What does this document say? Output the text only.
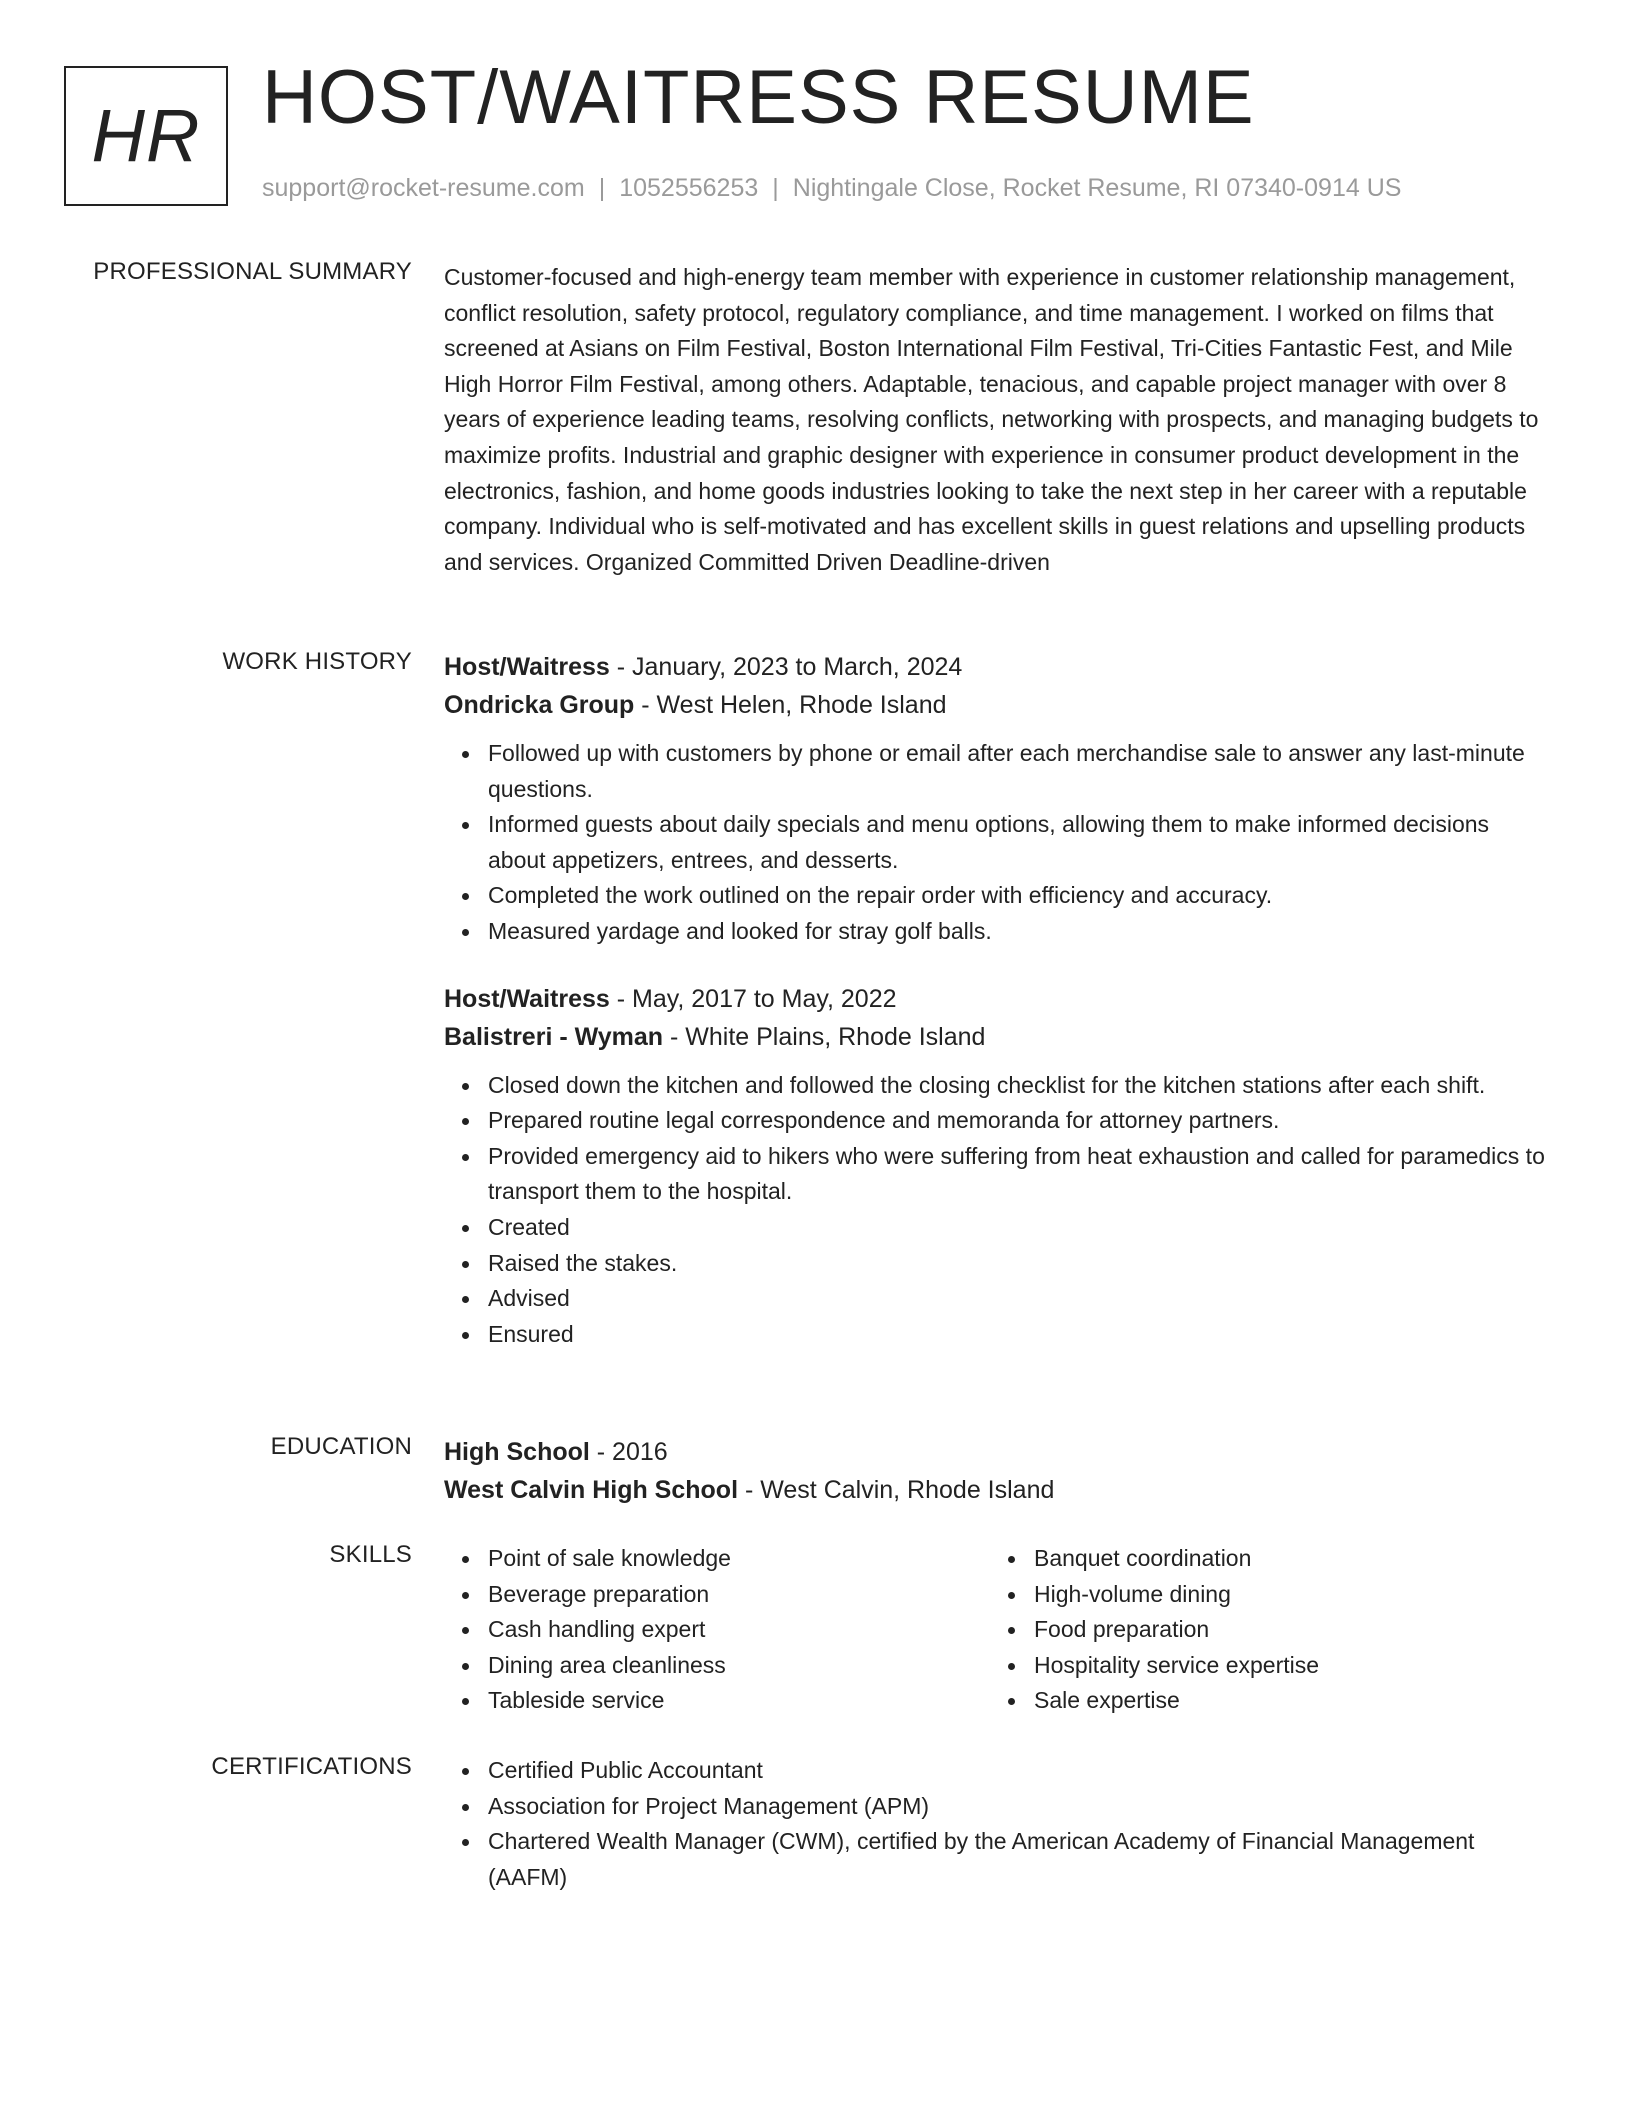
HR HOST/WAITRESS RESUME
support@rocket-resume.com | 1052556253 | Nightingale Close, Rocket Resume, RI 07340-0914 US
PROFESSIONAL SUMMARY Customer-focused and high-energy team member with experience in customer relationship management, conflict resolution, safety protocol, regulatory compliance, and time management. I worked on films that screened at Asians on Film Festival, Boston International Film Festival, Tri-Cities Fantastic Fest, and Mile High Horror Film Festival, among others. Adaptable, tenacious, and capable project manager with over 8 years of experience leading teams, resolving conflicts, networking with prospects, and managing budgets to maximize profits. Industrial and graphic designer with experience in consumer product development in the electronics, fashion, and home goods industries looking to take the next step in her career with a reputable company. Individual who is self-motivated and has excellent skills in guest relations and upselling products and services. Organized Committed Driven Deadline-driven

WORK HISTORY Host/Waitress - January, 2023 to March, 2024
Ondricka Group - West Helen, Rhode Island
Followed up with customers by phone or email after each merchandise sale to answer any last-minute questions.
Informed guests about daily specials and menu options, allowing them to make informed decisions about appetizers, entrees, and desserts.
Completed the work outlined on the repair order with efficiency and accuracy.
Measured yardage and looked for stray golf balls.
Host/Waitress - May, 2017 to May, 2022
Balistreri - Wyman - White Plains, Rhode Island
Closed down the kitchen and followed the closing checklist for the kitchen stations after each shift.
Prepared routine legal correspondence and memoranda for attorney partners.
Provided emergency aid to hikers who were suffering from heat exhaustion and called for paramedics to transport them to the hospital.
Created
Raised the stakes.
Advised
Ensured
EDUCATION High School - 2016
West Calvin High School - West Calvin, Rhode Island
SKILLS	Point of sale knowledge
Beverage preparation
Cash handling expert
Dining area cleanliness
Tableside service
Banquet coordination
High-volume dining
Food preparation
Hospitality service expertise
Sale expertise
CERTIFICATIONS	Certified Public Accountant
Association for Project Management (APM)
Chartered Wealth Manager (CWM), certified by the American Academy of Financial Management (AAFM)
